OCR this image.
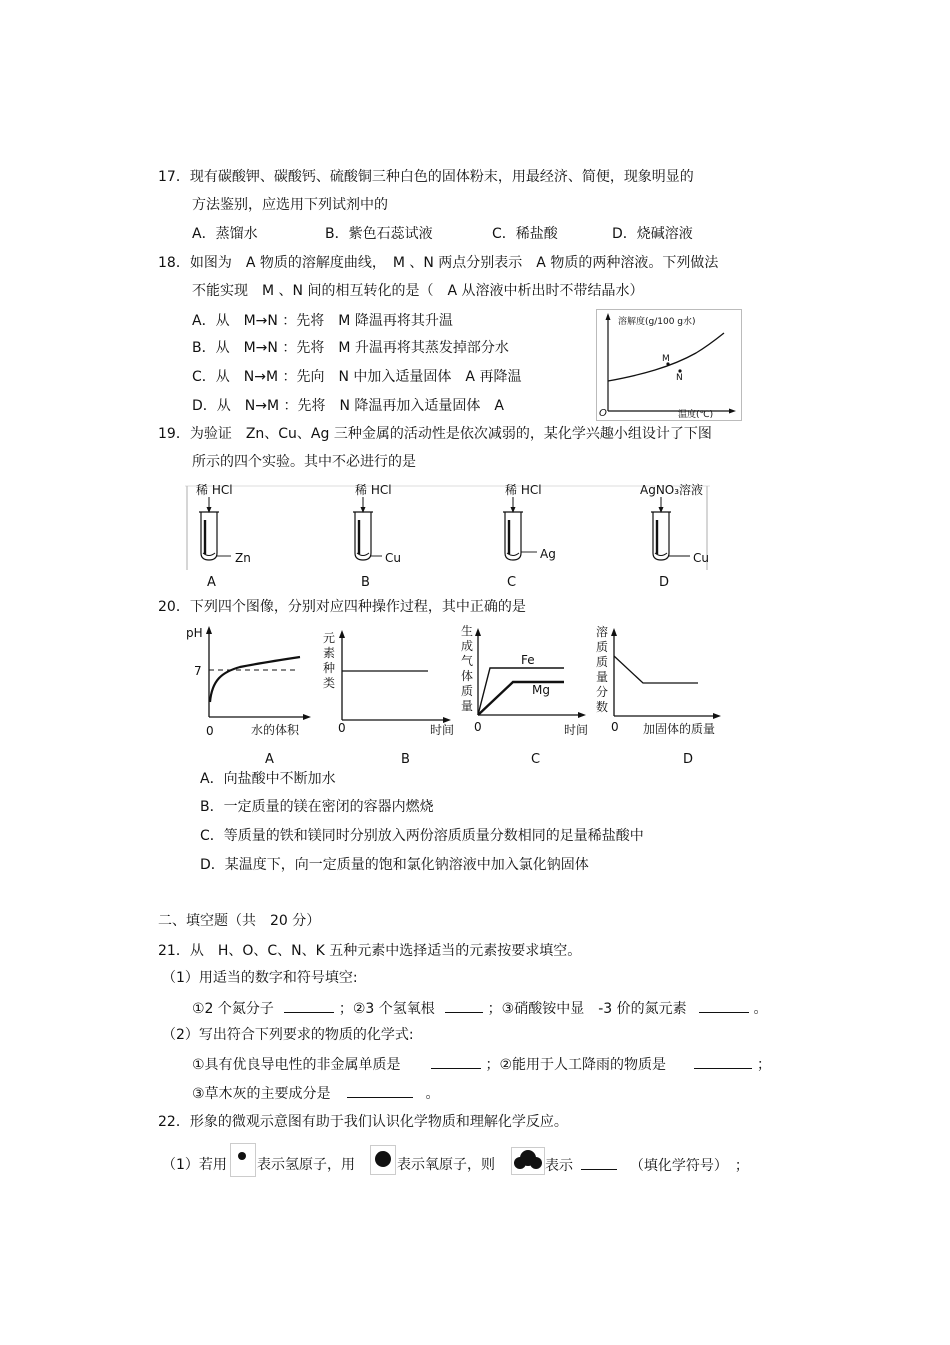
17．现有碳酸钾、碳酸钙、硫酸铜三种白色的固体粉末，用最经济、简便，现象明显的
方法鉴别，应选用下列试剂中的
A．蒸馏水	B．紫色石蕊试液	C．稀盐酸	D．烧碱溶液
18．如图为　A 物质的溶解度曲线，　M 、N 两点分别表示　A 物质的两种溶液。下列做法
不能实现　M 、N 间的相互转化的是（　A 从溶液中析出时不带结晶水）
A．从　M→N ：先将　M 降温再将其升温
B．从　M→N ：先将　M 升温再将其蒸发掉部分水
C．从　N→M ：先向　N 中加入适量固体　A 再降温
D．从　N→M ：先将　N 降温再加入适量固体　A
溶解度(g/100 g水)
温度(℃)
O
M
N
19．为验证　Zn、Cu、Ag 三种金属的活动性是依次减弱的，某化学兴趣小组设计了下图
所示的四个实验。其中不必进行的是
稀 HCl
Zn
A
稀 HCl
Cu
B
稀 HCl
Ag
C
AgNO₃溶液
Cu
D
20．下列四个图像，分别对应四种操作过程，其中正确的是
pH
7
0	水的体积
A
元
素
种
类
0	时间
B
生
成
气
体
质
量
Fe
Mg
0	时间
C
溶
质
质
量
分
数
0 加固体的质量
D
A．向盐酸中不断加水
B．一定质量的镁在密闭的容器内燃烧
C．等质量的铁和镁同时分别放入两份溶质质量分数相同的足量稀盐酸中
D．某温度下，向一定质量的饱和氯化钠溶液中加入氯化钠固体
二、填空题（共　20 分）
21．从　H、O、C、N、K 五种元素中选择适当的元素按要求填空。
（1）用适当的数字和符号填空:
①2 个氮分子	；②3 个氢氧根	；③硝酸铵中显　-3 价的氮元素	。
（2）写出符合下列要求的物质的化学式:
①具有优良导电性的非金属单质是	；②能用于人工降雨的物质是	；
③草木灰的主要成分是	。
22．形象的微观示意图有助于我们认识化学物质和理解化学反应。
（1）若用 表示氢原子，用	表示氧原子，则	表示	（填化学符号）　；
